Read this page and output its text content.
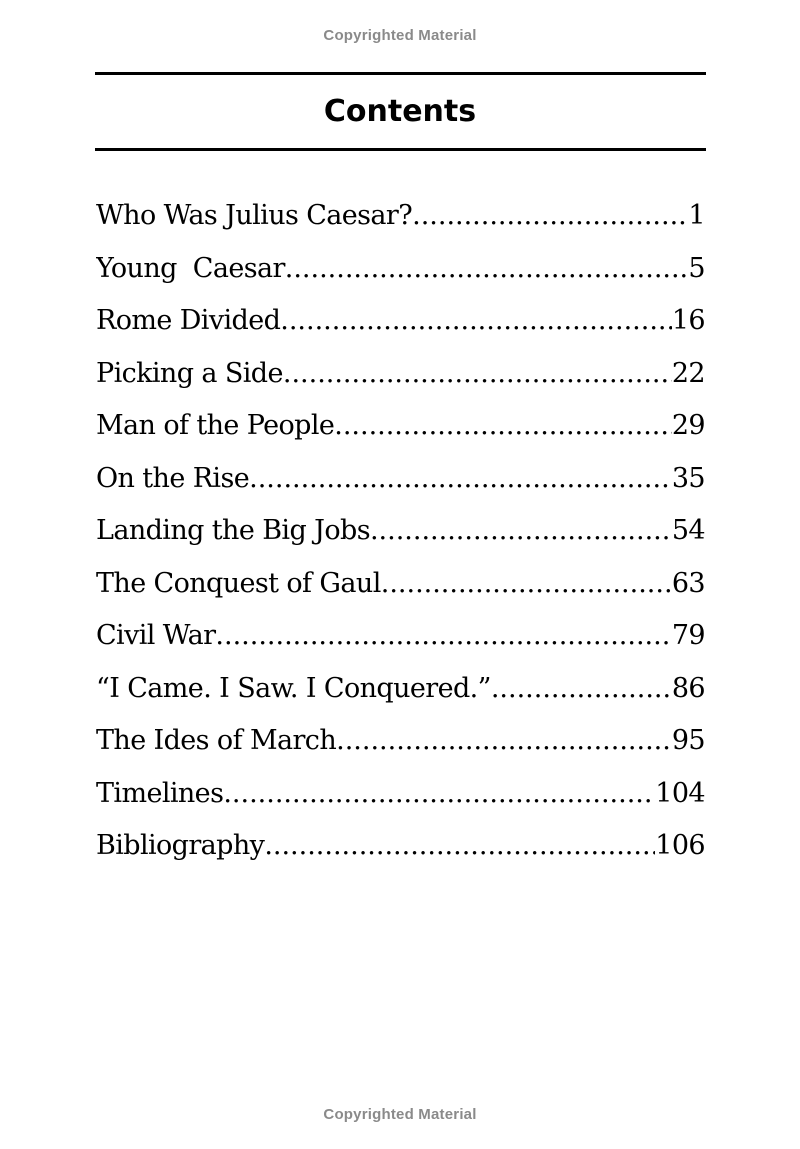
Copyrighted Material
Contents
Who Was Julius Caesar? .....	1
Young  Caesar .....	5
Rome Divided .....	16
Picking a Side .....	22
Man of the People .....	29
On the Rise .....	35
Landing the Big Jobs .....	54
The Conquest of Gaul .....	63
Civil War .....	79
“I Came. I Saw. I Conquered.” .....	86
The Ides of March .....	95
Timelines .....	104
Bibliography .....	106
Copyrighted Material
